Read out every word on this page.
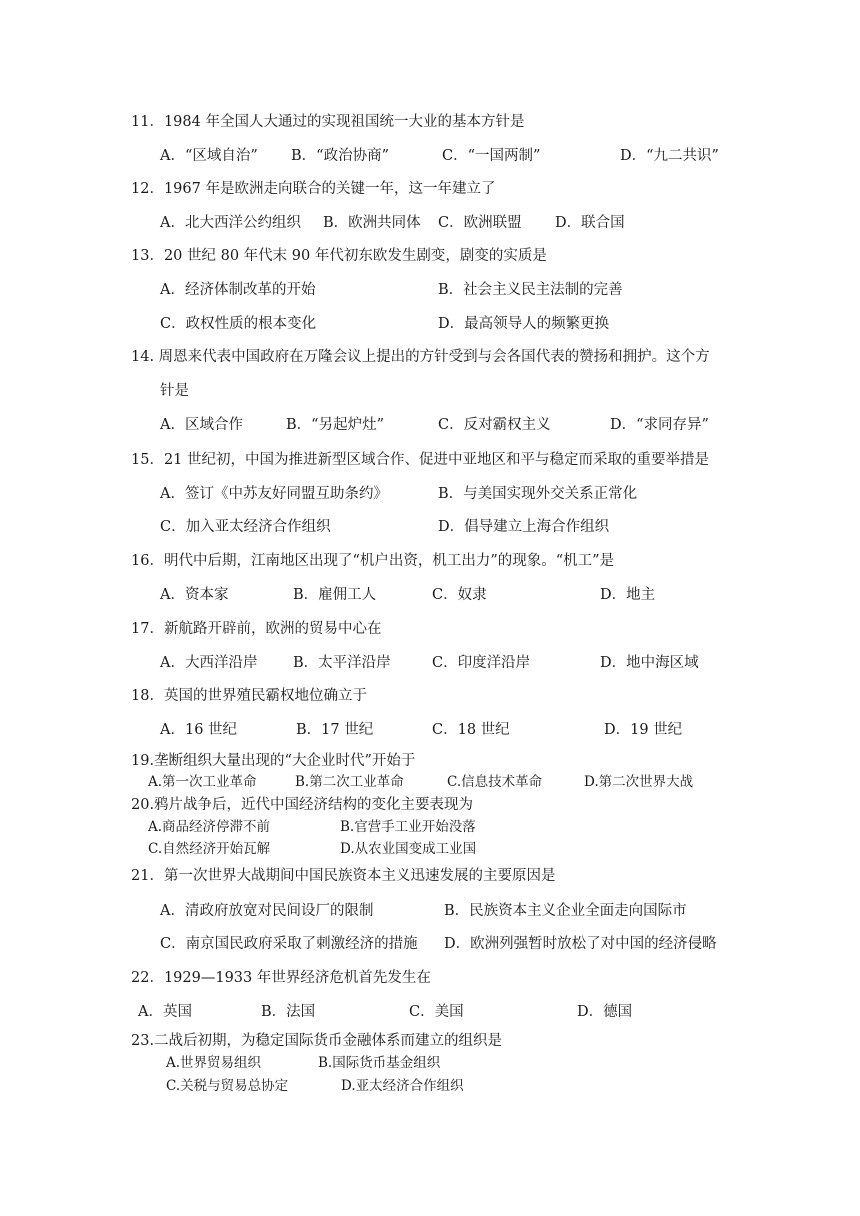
11．1984 年全国人大通过的实现祖国统一大业的基本方针是
A．“区域自治” B．“政治协商”	C．“一国两制”	D．“九二共识”
12．1967 年是欧洲走向联合的关键一年，这一年建立了
A．北大西洋公约组织 B．欧洲共同体 C．欧洲联盟 D．联合国
13．20 世纪 80 年代末 90 年代初东欧发生剧变，剧变的实质是
A．经济体制改革的开始	B．社会主义民主法制的完善
C．政权性质的根本变化	D．最高领导人的频繁更换
14. 周恩来代表中国政府在万隆会议上提出的方针受到与会各国代表的赞扬和拥护。这个方
针是
A．区域合作	B．“另起炉灶”	C．反对霸权主义	D．“求同存异”
15．21 世纪初，中国为推进新型区域合作、促进中亚地区和平与稳定而采取的重要举措是
A．签订《中苏友好同盟互助条约》	B．与美国实现外交关系正常化
C．加入亚太经济合作组织	D．倡导建立上海合作组织
16．明代中后期，江南地区出现了“机户出资，机工出力”的现象。“机工”是
A．资本家	B．雇佣工人	C．奴隶	D．地主
17．新航路开辟前，欧洲的贸易中心在
A．大西洋沿岸 B．太平洋沿岸	C．印度洋沿岸	D．地中海区域
18．英国的世界殖民霸权地位确立于
A．16 世纪	B．17 世纪	C．18 世纪	D．19 世纪
19.垄断组织大量出现的“大企业时代”开始于
A.第一次工业革命	B.第二次工业革命	C.信息技术革命	D.第二次世界大战
20.鸦片战争后，近代中国经济结构的变化主要表现为
A.商品经济停滞不前	B.官营手工业开始没落
C.自然经济开始瓦解	D.从农业国变成工业国
21．第一次世界大战期间中国民族资本主义迅速发展的主要原因是
A．清政府放宽对民间设厂的限制	B．民族资本主义企业全面走向国际市
C．南京国民政府采取了刺激经济的措施 D．欧洲列强暂时放松了对中国的经济侵略
22．1929—1933 年世界经济危机首先发生在
A．英国	B．法国	C．美国	D．德国
23.二战后初期，为稳定国际货币金融体系而建立的组织是
A.世界贸易组织	B.国际货币基金组织
C.关税与贸易总协定	D.亚太经济合作组织
